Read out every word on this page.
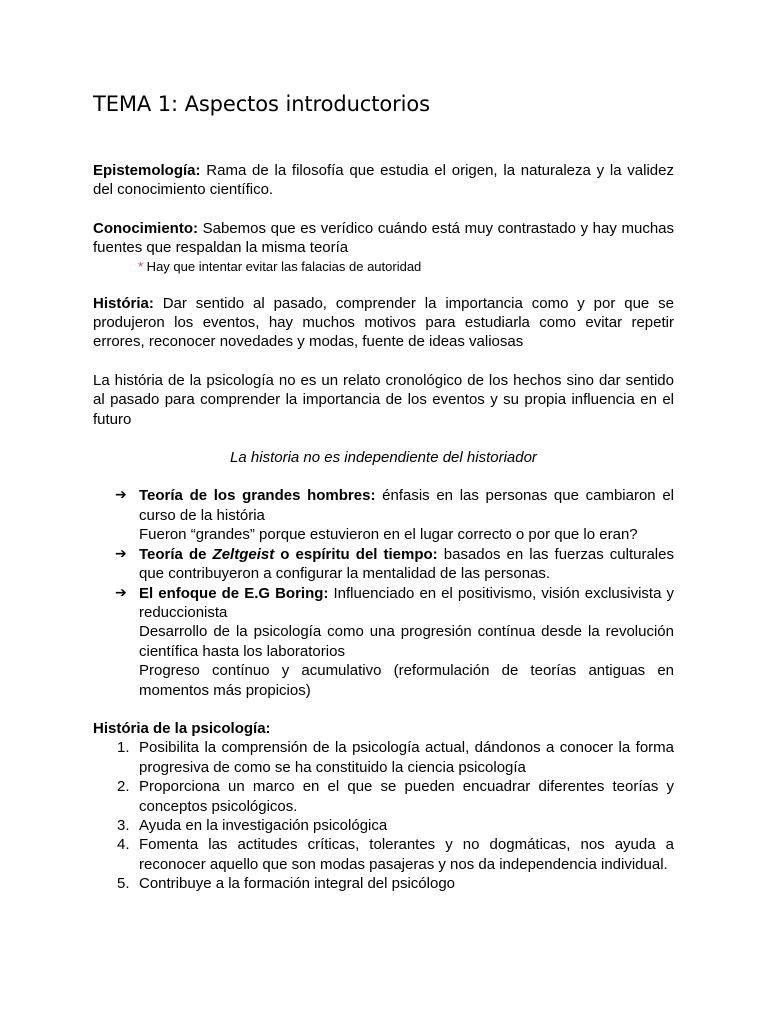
TEMA 1: Aspectos introductorios

Epistemología: Rama de la filosofía que estudia el origen, la naturaleza y la validez del conocimiento científico.

Conocimiento: Sabemos que es verídico cuándo está muy contrastado y hay muchas fuentes que respaldan la misma teoría

* Hay que intentar evitar las falacias de autoridad

História: Dar sentido al pasado, comprender la importancia como y por que se produjeron los eventos, hay muchos motivos para estudiarla como evitar repetir errores, reconocer novedades y modas, fuente de ideas valiosas

La história de la psicología no es un relato cronológico de los hechos sino dar sentido al pasado para comprender la importancia de los eventos y su propia influencia en el futuro

La historia no es independiente del historiador

➔ Teoría de los grandes hombres: énfasis en las personas que cambiaron el curso de la história

Fueron “grandes” porque estuvieron en el lugar correcto o por que lo eran?

➔ Teoría de Zeltgeist o espíritu del tiempo: basados en las fuerzas culturales que contribuyeron a configurar la mentalidad de las personas.

➔ El enfoque de E.G Boring: Influenciado en el positivismo, visión exclusivista y reduccionista

Desarrollo de la psicología como una progresión contínua desde la revolución científica hasta los laboratorios

Progreso contínuo y acumulativo (reformulación de teorías antiguas en momentos más propicios)

História de la psicología:

1. Posibilita la comprensión de la psicología actual, dándonos a conocer la forma progresiva de como se ha constituido la ciencia psicología
2. Proporciona un marco en el que se pueden encuadrar diferentes teorías y conceptos psicológicos.
3. Ayuda en la investigación psicológica
4. Fomenta las actitudes críticas, tolerantes y no dogmáticas, nos ayuda a reconocer aquello que son modas pasajeras y nos da independencia individual.
5. Contribuye a la formación integral del psicólogo
